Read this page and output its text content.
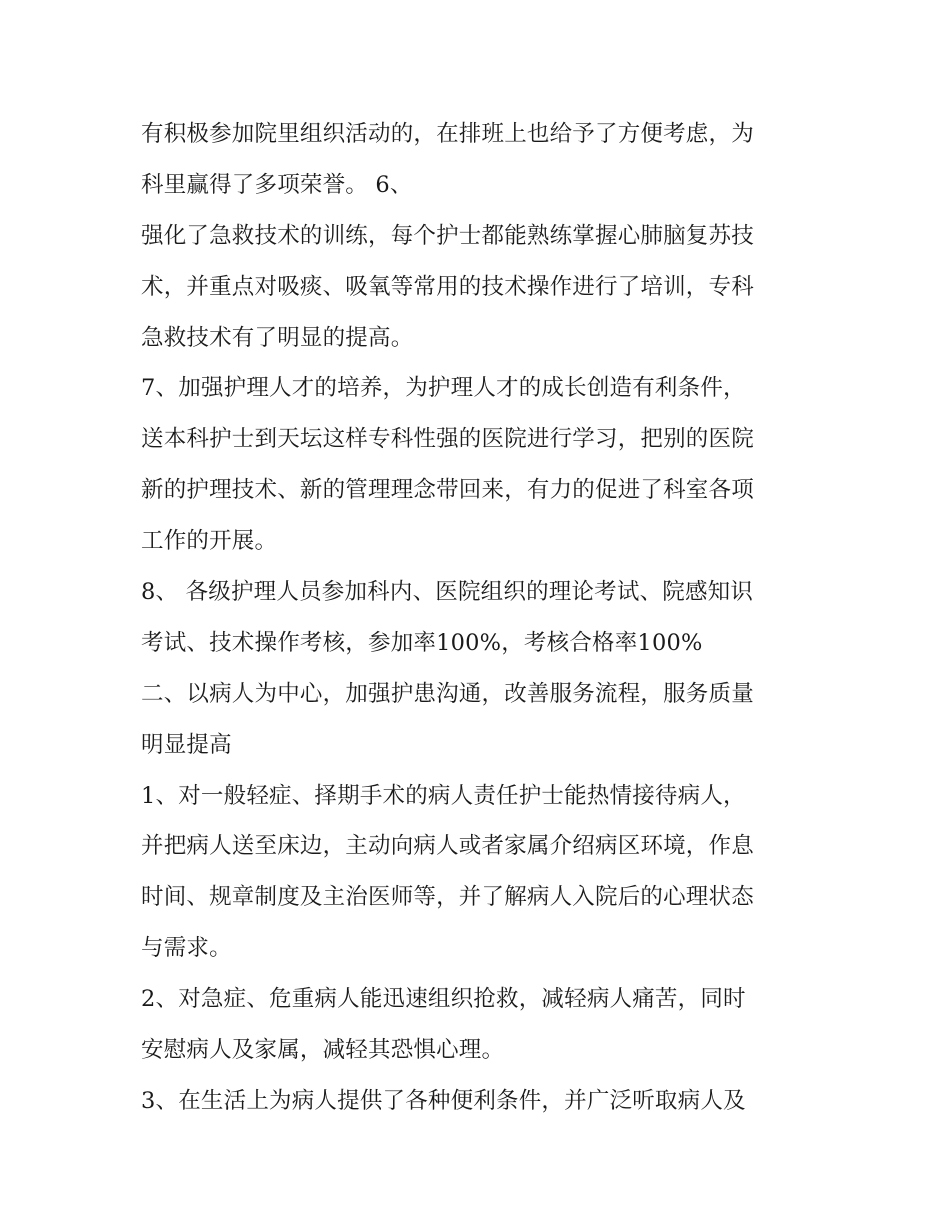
有积极参加院里组织活动的，在排班上也给予了方便考虑，为
科里赢得了多项荣誉。 6、
强化了急救技术的训练，每个护士都能熟练掌握心肺脑复苏技
术，并重点对吸痰、吸氧等常用的技术操作进行了培训，专科
急救技术有了明显的提高。
7、加强护理人才的培养，为护理人才的成长创造有利条件，
送本科护士到天坛这样专科性强的医院进行学习，把别的医院
新的护理技术、新的管理理念带回来，有力的促进了科室各项
工作的开展。
8、 各级护理人员参加科内、医院组织的理论考试、院感知识
考试、技术操作考核，参加率100%，考核合格率100%
二、以病人为中心，加强护患沟通，改善服务流程，服务质量
明显提高
1、对一般轻症、择期手术的病人责任护士能热情接待病人，
并把病人送至床边，主动向病人或者家属介绍病区环境，作息
时间、规章制度及主治医师等，并了解病人入院后的心理状态
与需求。
2、对急症、危重病人能迅速组织抢救，减轻病人痛苦，同时
安慰病人及家属，减轻其恐惧心理。
3、在生活上为病人提供了各种便利条件，并广泛听取病人及
